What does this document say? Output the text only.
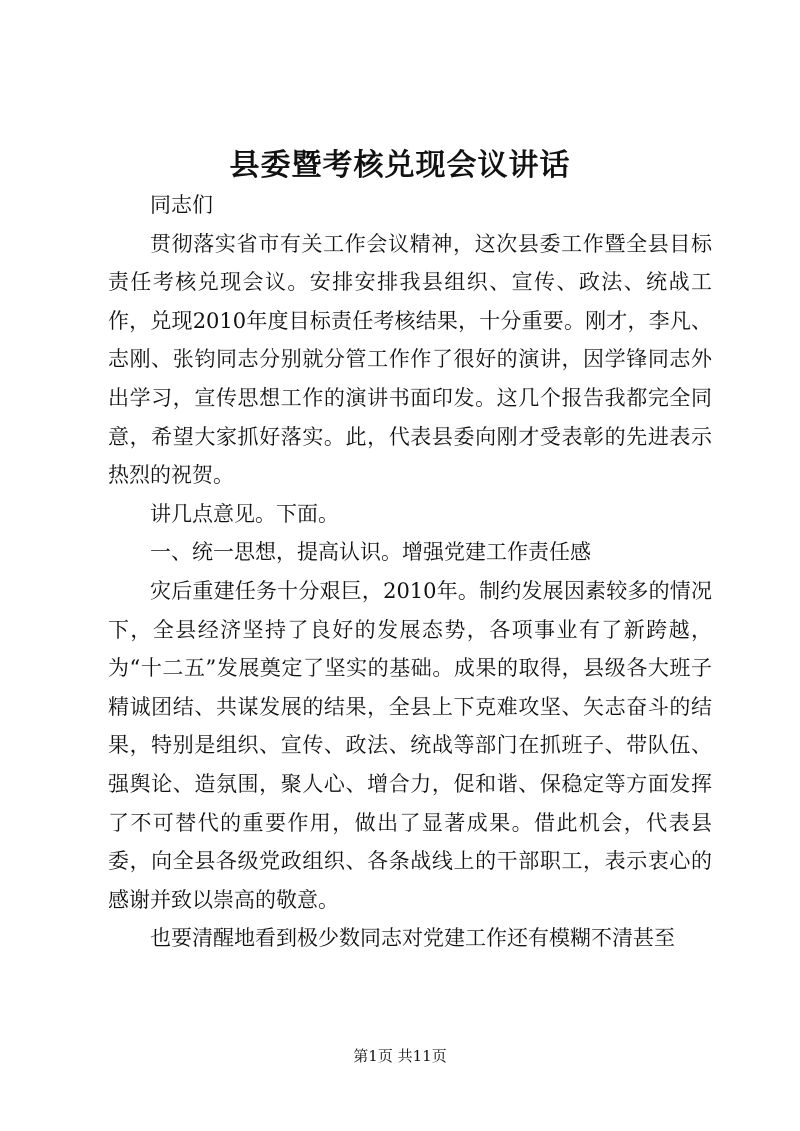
县委暨考核兑现会议讲话

同志们

贯彻落实省市有关工作会议精神，这次县委工作暨全县目标责任考核兑现会议。安排安排我县组织、宣传、政法、统战工作，兑现2010年度目标责任考核结果，十分重要。刚才，李凡、志刚、张钧同志分别就分管工作作了很好的演讲，因学锋同志外出学习，宣传思想工作的演讲书面印发。这几个报告我都完全同意，希望大家抓好落实。此，代表县委向刚才受表彰的先进表示热烈的祝贺。

讲几点意见。下面。

一、统一思想，提高认识。增强党建工作责任感

灾后重建任务十分艰巨，2010年。制约发展因素较多的情况下，全县经济坚持了良好的发展态势，各项事业有了新跨越，为“十二五”发展奠定了坚实的基础。成果的取得，县级各大班子精诚团结、共谋发展的结果，全县上下克难攻坚、矢志奋斗的结果，特别是组织、宣传、政法、统战等部门在抓班子、带队伍、强舆论、造氛围，聚人心、增合力，促和谐、保稳定等方面发挥了不可替代的重要作用，做出了显著成果。借此机会，代表县委，向全县各级党政组织、各条战线上的干部职工，表示衷心的感谢并致以崇高的敬意。

也要清醒地看到极少数同志对党建工作还有模糊不清甚至

第1页 共11页
